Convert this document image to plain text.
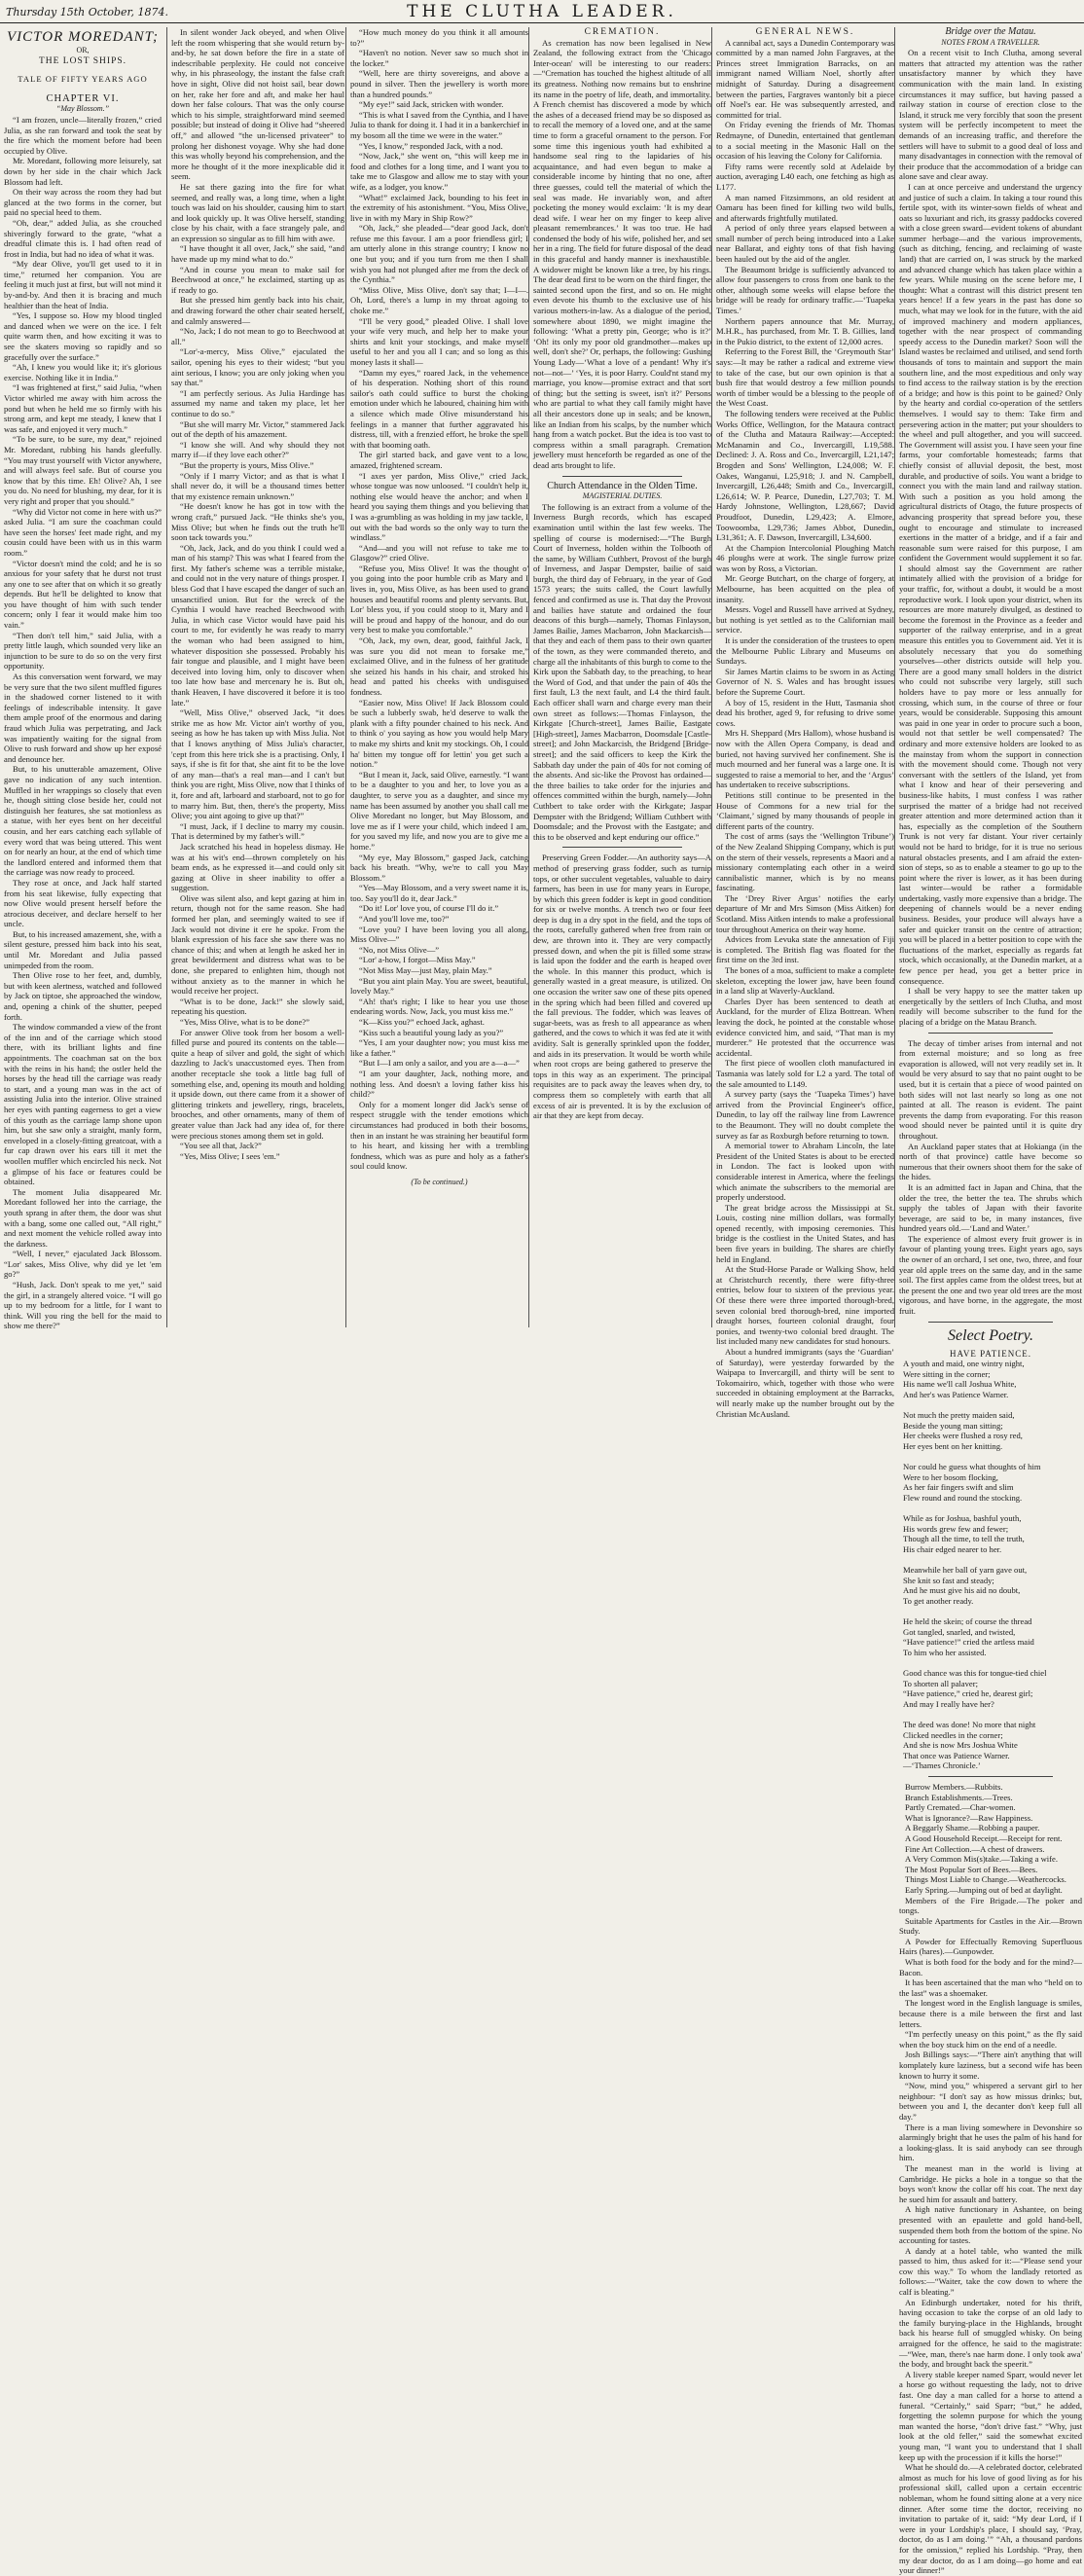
Thursday 15th October, 1874.	THE CLUTHA LEADER.
VICTOR MOREDANT;
OR,
THE LOST SHIPS.
TALE OF FIFTY YEARS AGO
CHAPTER VI.
“May Blossom.”

“I am frozen, uncle—literally frozen,” cried Julia, as she ran forward and took the seat by the fire which the moment before had been occupied by Olive.

Mr. Moredant, following more leisurely, sat down by her side in the chair which Jack Blossom had left.

On their way across the room they had but glanced at the two forms in the corner, but paid no special heed to them.

“Oh, dear,” added Julia, as she crouched shiveringly forward to the grate, “what a dreadful climate this is. I had often read of frost in India, but had no idea of what it was.

“My dear Olive, you'll get used to it in time,” returned her companion. You are feeling it much just at first, but will not mind it by-and-by. And then it is bracing and much healthier than the heat of India.

“Yes, I suppose so. How my blood tingled and danced when we were on the ice. I felt quite warm then, and how exciting it was to see the skaters moving so rapidly and so gracefully over the surface.”

“Ah, I knew you would like it; it's glorious exercise. Nothing like it in India.”

“I was frightened at first,” said Julia, “when Victor whirled me away with him across the pond but when he held me so firmly with his strong arm, and kept me steady, I knew that I was safe, and enjoyed it very much.”

“To be sure, to be sure, my dear,” rejoined Mr. Moredant, rubbing his hands gleefully. “You may trust yourself with Victor anywhere, and will always feel safe. But of course you know that by this time. Eh! Olive? Ah, I see you do. No need for blushing, my dear, for it is very right and proper that you should.”

“Why did Victor not come in here with us?” asked Julia. “I am sure the coachman could have seen the horses' feet made right, and my cousin could have been with us in this warm room.”

“Victor doesn't mind the cold; and he is so anxious for your safety that he durst not trust any one to see after that on which it so greatly depends. But he'll be delighted to know that you have thought of him with such tender concern; only I fear it would make him too vain.”

“Then don't tell him,” said Julia, with a pretty little laugh, which sounded very like an injunction to be sure to do so on the very first opportunity.

As this conversation went forward, we may be very sure that the two silent muffled figures in the shadowed corner listened to it with feelings of indescribable intensity. It gave them ample proof of the enormous and daring fraud which Julia was perpetrating, and Jack was impatiently waiting for the signal from Olive to rush forward and show up her exposé and denounce her.

But, to his unutterable amazement, Olive gave no indication of any such intention. Muffled in her wrappings so closely that even he, though sitting close beside her, could not distinguish her features, she sat motionless as a statue, with her eyes bent on her deceitful cousin, and her ears catching each syllable of every word that was being uttered. This went on for nearly an hour, at the end of which time the landlord entered and informed them that the carriage was now ready to proceed.

They rose at once, and Jack half started from his seat likewise, fully expecting that now Olive would present herself before the atrocious deceiver, and declare herself to her uncle.

But, to his increased amazement, she, with a silent gesture, pressed him back into his seat, until Mr. Moredant and Julia passed unimpeded from the room.

Then Olive rose to her feet, and, dumbly, but with keen alertness, watched and followed by Jack on tiptoe, she approached the window, and, opening a chink of the shutter, peeped forth.

The window commanded a view of the front of the inn and of the carriage which stood there, with its brilliant lights and fine appointments. The coachman sat on the box with the reins in his hand; the ostler held the horses by the head till the carriage was ready to start, and a young man was in the act of assisting Julia into the interior. Olive strained her eyes with panting eagerness to get a view of this youth as the carriage lamp shone upon him, but she saw only a straight, manly form, enveloped in a closely-fitting greatcoat, with a fur cap drawn over his ears till it met the woollen muffler which encircled his neck. Not a glimpse of his face or features could be obtained.

The moment Julia disappeared Mr. Moredant followed her into the carriage, the youth sprang in after them, the door was shut with a bang, some one called out, “All right,” and next moment the vehicle rolled away into the darkness.

“Well, I never,” ejaculated Jack Blossom. “Lor' sakes, Miss Olive, why did ye let 'em go?”

“Hush, Jack. Don't speak to me yet,” said the girl, in a strangely altered voice. “I will go up to my bedroom for a little, for I want to think. Will you ring the bell for the maid to show me there?”

In silent wonder Jack obeyed, and when Olive left the room whispering that she would return by-and-by, he sat down before the fire in a state of indescribable perplexity. He could not conceive why, in his phraseology, the instant the false craft hove in sight, Olive did not hoist sail, bear down on her, rake her fore and aft, and make her haul down her false colours. That was the only course which to his simple, straightforward mind seemed possible; but instead of doing it Olive had “sheered off,” and allowed “the un-licensed privateer” to prolong her dishonest voyage. Why she had done this was wholly beyond his comprehension, and the more he thought of it the more inexplicable did it seem.

He sat there gazing into the fire for what seemed, and really was, a long time, when a light touch was laid on his shoulder, causing him to start and look quickly up. It was Olive herself, standing close by his chair, with a face strangely pale, and an expression so singular as to fill him with awe.

“I have thought it all over, Jack,” she said, “and have made up my mind what to do.”

“And in course you mean to make sail for Beechwood at once,” he exclaimed, starting up as if ready to go.

But she pressed him gently back into his chair, and drawing forward the other chair seated herself, and calmly answered—

“No, Jack; I do not mean to go to Beechwood at all.”

“Lor'-a-mercy, Miss Olive,” ejaculated the sailor, opening his eyes to their widest; “but you aint serious, I know; you are only joking when you say that.”

“I am perfectly serious. As Julia Hardinge has assumed my name and taken my place, let her continue to do so.”

“But she will marry Mr. Victor,” stammered Jack out of the depth of his amazement.

“I know she will. And why should they not marry if—if they love each other?”

“But the property is yours, Miss Olive.”

“Only if I marry Victor; and as that is what I shall never do, it will be a thousand times better that my existence remain unknown.”

“He doesn't know he has got in tow with the wrong craft,” pursued Jack. “He thinks she's you, Miss Olive; but when he finds out the truth he'll soon tack towards you.”

“Oh, Jack, Jack, and do you think I could wed a man of his stamp? This was what I feared from the first. My father's scheme was a terrible mistake, and could not in the very nature of things prosper. I bless God that I have escaped the danger of such an unsanctified union. But for the wreck of the Cynthia I would have reached Beechwood with Julia, in which case Victor would have paid his court to me, for evidently he was ready to marry the woman who had been assigned to him, whatever disposition she possessed. Probably his fair tongue and plausible, and I might have been deceived into loving him, only to discover when too late how base and mercenary he is. But oh, thank Heaven, I have discovered it before it is too late.”

“Well, Miss Olive,” observed Jack, “it does strike me as how Mr. Victor ain't worthy of you, seeing as how he has taken up with Miss Julia. Not that I knows anything of Miss Julia's character, 'cept from this here trick she is a practising. Only, I says, if she is fit for that, she aint fit to be the love of any man—that's a real man—and I can't but think you are right, Miss Olive, now that I thinks of it, fore and aft, larboard and starboard, not to go for to marry him. But, then, there's the property, Miss Olive; you aint agoing to give up that?”

“I must, Jack, if I decline to marry my cousin. That is determined by my father's will.”

Jack scratched his head in hopeless dismay. He was at his wit's end—thrown completely on his beam ends, as he expressed it—and could only sit gazing at Olive in sheer inability to offer a suggestion.

Olive was silent also, and kept gazing at him in return, though not for the same reason. She had formed her plan, and seemingly waited to see if Jack would not divine it ere he spoke. From the blank expression of his face she saw there was no chance of this; and when at length he asked her in great bewilderment and distress what was to be done, she prepared to enlighten him, though not without anxiety as to the manner in which he would receive her project.

“What is to be done, Jack!” she slowly said, repeating his question.

“Yes, Miss Olive, what is to be done?”

For answer Olive took from her bosom a well-filled purse and poured its contents on the table—quite a heap of silver and gold, the sight of which dazzling to Jack's unaccustomed eyes. Then from another receptacle she took a little bag full of something else, and, opening its mouth and holding it upside down, out there came from it a shower of glittering trinkets and jewellery, rings, bracelets, brooches, and other ornaments, many of them of greater value than Jack had any idea of, for there were precious stones among them set in gold.

“You see all that, Jack?”

“Yes, Miss Olive; I sees 'em.”

“How much money do you think it all amounts to?”

“Haven't no notion. Never saw so much shot in the locker.”

“Well, here are thirty sovereigns, and above a pound in silver. Then the jewellery is worth more than a hundred pounds.”

“My eye!” said Jack, stricken with wonder.

“This is what I saved from the Cynthia, and I have Julia to thank for doing it. I had it in a bankerchief in my bosom all the time we were in the water.”

“Yes, I know,” responded Jack, with a nod.

“Now, Jack,” she went on, “this will keep me in food and clothes for a long time, and I want you to take me to Glasgow and allow me to stay with your wife, as a lodger, you know.”

“What!” exclaimed Jack, bounding to his feet in the extremity of his astonishment. “You, Miss Olive, live in with my Mary in Ship Row?”

“Oh, Jack,” she pleaded—“dear good Jack, don't refuse me this favour. I am a poor friendless girl; I am utterly alone in this strange country; I know no one but you; and if you turn from me then I shall wish you had not plunged after me from the deck of the Cynthia.”

“Miss Olive, Miss Olive, don't say that; I—I—. Oh, Lord, there's a lump in my throat agoing to choke me.”

“I'll be very good,” pleaded Olive. I shall love your wife very much, and help her to make your shirts and knit your stockings, and make myself useful to her and you all I can; and so long as this money lasts it shall—

“Damn my eyes,” roared Jack, in the vehemence of his desperation. Nothing short of this round sailor's oath could suffice to burst the choking emotion under which he laboured, chaining him with a silence which made Olive misunderstand his feelings in a manner that further aggravated his distress, till, with a frenzied effort, he broke the spell with that booming oath.

The girl started back, and gave vent to a low, amazed, frightened scream.

“I axes yer pardon, Miss Olive,” cried Jack, whose tongue was now unloosed. “I couldn't help it, nothing else would heave the anchor; and when I heard you saying them things and you believing that I was a-grumbling as was holding in my jaw tackle, I out with the bad words so the only way to turn the windlass.”

“And—and you will not refuse to take me to Glasgow?” cried Olive.

“Refuse you, Miss Olive! It was the thought o' you going into the poor humble crib as Mary and I lives in, you, Miss Olive, as has been used to grand houses and beautiful rooms and plenty servants. But, Lor' bless you, if you could stoop to it, Mary and I will be proud and happy of the honour, and do our very best to make you comfortable.”

“Oh, Jack, my own, dear, good, faithful Jack, I was sure you did not mean to forsake me,” exclaimed Olive, and in the fulness of her gratitude she seized his hands in his chair, and stroked his head and patted his cheeks with undisguised fondness.

“Easier now, Miss Olive! If Jack Blossom could be such a lubberly swab, he'd deserve to walk the plank with a fifty pounder chained to his neck. And to think o' you saying as how you would help Mary to make my shirts and knit my stockings. Oh, I could ha' bitten my tongue off for lettin' you get such a notion.”

“But I mean it, Jack, said Olive, earnestly. “I want to be a daughter to you and her, to love you as a daughter, to serve you as a daughter, and since my name has been assumed by another you shall call me Olive Moredant no longer, but May Blossom, and love me as if I were your child, which indeed I am, for you saved my life, and now you are to give me a home.”

“My eye, May Blossom,” gasped Jack, catching back his breath. “Why, we're to call you May Blossom.”

“Yes—May Blossom, and a very sweet name it is, too. Say you'll do it, dear Jack.”

“Do it! Lor' love you, of course I'll do it.”

“And you'll love me, too?”

“Love you? I have been loving you all along, Miss Olive—”

“No, not Miss Olive—”

“Lor' a-how, I forgot—Miss May.”

“Not Miss May—just May, plain May.”

“But you aint plain May. You are sweet, beautiful, lovely May.”

“Ah! that's right; I like to hear you use those endearing words. Now, Jack, you must kiss me.”

“K—Kiss you?” echoed Jack, aghast.

“Kiss such a beautiful young lady as you?”

“Yes, I am your daughter now; you must kiss me like a father.”

“But I—I am only a sailor, and you are a—a—”

“I am your daughter, Jack, nothing more, and nothing less. And doesn't a loving father kiss his child?”

Only for a moment longer did Jack's sense of respect struggle with the tender emotions which circumstances had produced in both their bosoms, then in an instant he was straining her beautiful form to his heart, and kissing her with a trembling fondness, which was as pure and holy as a father's soul could know.

(To be continued.)
CREMATION.

As cremation has now been legalised in New Zealand, the following extract from the 'Chicago Inter-ocean' will be interesting to our readers:—“Cremation has touched the highest altitude of all its greatness. Nothing now remains but to enshrine its name in the poetry of life, death, and immortality. A French chemist has discovered a mode by which the ashes of a deceased friend may be so disposed as to recall the memory of a loved one, and at the same time to form a graceful ornament to the person. For some time this ingenious youth had exhibited a handsome seal ring to the lapidaries of his acquaintance, and had even begun to make a considerable income by hinting that no one, after three guesses, could tell the material of which the seal was made. He invariably won, and after pocketing the money would exclaim: ‘It is my dear dead wife. I wear her on my finger to keep alive pleasant remembrances.’ It was too true. He had condensed the body of his wife, polished her, and set her in a ring. The field for future disposal of the dead in this graceful and handy manner is inexhaustible. A widower might be known like a tree, by his rings. The dear dead first to be worn on the third finger, the sainted second upon the first, and so on. He might even devote his thumb to the exclusive use of his various mothers-in-law. As a dialogue of the period, somewhere about 1890, we might imagine the following: ‘What a pretty pin, George; who is it?’ ‘Oh! its only my poor old grandmother—makes up well, don't she?’ Or, perhaps, the following: Gushing Young Lady—‘What a love of a pendant! Why it's not—not—’ ‘Yes, it is poor Harry. Could'nt stand my marriage, you know—promise extract and that sort of thing; but the setting is sweet, isn't it?’ Persons who are partial to what they call family might have all their ancestors done up in seals; and be known, like an Indian from his scalps, by the number which hang from a watch pocket. But the idea is too vast to compress within a small paragraph. Cremation jewellery must henceforth be regarded as one of the dead arts brought to life.

Church Attendance in the Olden Time.
MAGISTERIAL DUTIES.

The following is an extract from a volume of the Inverness Burgh records, which has escaped examination until within the last few weeks. The spelling of course is modernised:—“The Burgh Court of Inverness, holden within the Tolbooth of the same, by William Cuthbert, Provost of the burgh of Inverness, and Jaspar Dempster, bailie of said burgh, the third day of February, in the year of God 1573 years; the suits called, the Court lawfully fenced and confirmed as use is. That day the Provost and bailies have statute and ordained the four deacons of this burgh—namely, Thomas Finlayson, James Bailie, James Macbarron, John Mackarcish—that they and each of them pass to their own quarter of the town, as they were commanded thereto, and charge all the inhabitants of this burgh to come to the Kirk upon the Sabbath day, to the preaching, to hear the Word of God, and that under the pain of 40s the first fault, L3 the next fault, and L4 the third fault. Each officer shall warn and charge every man their own street as follows:—Thomas Finlayson, the Kirkgate [Church-street], James Bailie, Eastgate [High-street], James Macbarron, Doomsdale [Castle-street]; and John Mackarcish, the Bridgend [Bridge-street]; and the said officers to keep the Kirk the Sabbath day under the pain of 40s for not coming of the absents. And sic-like the Provost has ordained—the three bailies to take order for the injuries and offences committed within the burgh, namely—John Cuthbert to take order with the Kirkgate; Jaspar Dempster with the Bridgend; William Cuthbert with Doomsdale; and the Provost with the Eastgate; and this to be observed and kept enduring our office.”

Preserving Green Fodder.—An authority says—A method of preserving grass fodder, such as turnip tops, or other succulent vegetables, valuable to dairy farmers, has been in use for many years in Europe, by which this green fodder is kept in good condition for six or twelve months. A trench two or four feet deep is dug in a dry spot in the field, and the tops of the roots, carefully gathered when free from rain or dew, are thrown into it. They are very compactly pressed down, and when the pit is filled some straw is laid upon the fodder and the earth is heaped over the whole. In this manner this product, which is generally wasted in a great measure, is utilized. On one occasion the writer saw one of these pits opened in the spring which had been filled and covered up the fall previous. The fodder, which was leaves of sugar-beets, was as fresh to all appearance as when gathered, and the cows to which it was fed ate it with avidity. Salt is generally sprinkled upon the fodder, and aids in its preservation. It would be worth while when root crops are being gathered to preserve the tops in this way as an experiment. The principal requisites are to pack away the leaves when dry, to compress them so completely with earth that all excess of air is prevented. It is by the exclusion of air that they are kept from decay.

GENERAL NEWS.

A cannibal act, says a Dunedin Contemporary was committed by a man named John Fargraves, at the Princes street Immigration Barracks, on an immigrant named William Noel, shortly after midnight of Saturday. During a disagreement between the parties, Fargraves wantonly bit a piece off Noel's ear. He was subsequently arrested, and committed for trial.

On Friday evening the friends of Mr. Thomas Redmayne, of Dunedin, entertained that gentleman to a social meeting in the Masonic Hall on the occasion of his leaving the Colony for California.

Fifty rams were recently sold at Adelaide by auction, averaging L40 each, one fetching as high as L177.

A man named Fitzsimmons, an old resident at Oamaru has been fined for killing two wild bulls, and afterwards frightfully mutilated.

A period of only three years elapsed between a small number of perch being introduced into a Lake near Ballarat, and eighty tons of that fish having been hauled out by the aid of the angler.

The Beaumont bridge is sufficiently advanced to allow four passengers to cross from one bank to the other, although some weeks will elapse before the bridge will be ready for ordinary traffic.—‘Tuapeka Times.’

Northern papers announce that Mr. Murray, M.H.R., has purchased, from Mr. T. B. Gillies, land in the Pukio district, to the extent of 12,000 acres.

Referring to the Forest Bill, the ‘Greymouth Star’ says:—It may be rather a radical and extreme view to take of the case, but our own opinion is that a bush fire that would destroy a few million pounds worth of timber would be a blessing to the people of the West Coast.

The following tenders were received at the Public Works Office, Wellington, for the Mataura contract of the Clutha and Mataura Railway:—Accepted: McManamin and Co., Invercargill, L19,588. Declined: J. A. Ross and Co., Invercargill, L21,147; Brogden and Sons' Wellington, L24,008; W. F. Oakes, Wanganui, L25,918; J. and N. Campbell, Invercargill, L26,448; Smith and Co., Invercargill, L26,614; W. P. Pearce, Dunedin, L27,703; T. M. Hardy Johnstone, Wellington, L28,667; David Proudfoot, Dunedin, L29,423; A. Elmore, Toowoomba, L29,736; James Abbot, Dunedin, L31,361; A. F. Dawson, Invercargill, L34,600.

At the Champion Intercolonial Ploughing Match 46 ploughs were at work. The single furrow prize was won by Ross, a Victorian.

Mr. George Butchart, on the charge of forgery, at Melbourne, has been acquitted on the plea of insanity.

Messrs. Vogel and Russell have arrived at Sydney, but nothing is yet settled as to the Californian mail service.

It is under the consideration of the trustees to open the Melbourne Public Library and Museums on Sundays.

Sir James Martin claims to be sworn in as Acting Governor of N. S. Wales and has brought issues before the Supreme Court.

A boy of 15, resident in the Hutt, Tasmania shot dead his brother, aged 9, for refusing to drive some cows.

Mrs H. Sheppard (Mrs Hallom), whose husband is now with the Allen Opera Company, is dead and buried, not having survived her confinement. She is much mourned and her funeral was a large one. It is suggested to raise a memorial to her, and the ‘Argus’ has undertaken to receive subscriptions.

Petitions still continue to be presented in the House of Commons for a new trial for the ‘Claimant,’ signed by many thousands of people in different parts of the country.

The cost of arms (says the ‘Wellington Tribune’) of the New Zealand Shipping Company, which is put on the stern of their vessels, represents a Maori and a missionary contemplating each other in a weird cannibalistic manner, which is by no means fascinating.

The ‘Drey River Argus’ notifies the early departure of Mr and Mrs Simson (Miss Aitken) for Scotland. Miss Aitken intends to make a professional tour throughout America on their way home.

Advices from Levuka state the annexation of Fiji is completed. The British flag was floated for the first time on the 3rd inst.

The bones of a moa, sufficient to make a complete skeleton, excepting the lower jaw, have been found in a land slip at Waverly-Auckland.

Charles Dyer has been sentenced to death at Auckland, for the murder of Eliza Bottrean. When leaving the dock, he pointed at the constable whose evidence convicted him, and said, “That man is my murderer.” He protested that the occurrence was accidental.

The first piece of woollen cloth manufactured in Tasmania was lately sold for L2 a yard. The total of the sale amounted to L149.

A survey party (says the ‘Tuapeka Times’) have arrived from the Provincial Engineer's office, Dunedin, to lay off the railway line from Lawrence to the Beaumont. They will no doubt complete the survey as far as Roxburgh before returning to town.

A memorial tower to Abraham Lincoln, the late President of the United States is about to be erected in London. The fact is looked upon with considerable interest in America, where the feelings which animate the subscribers to the memorial are properly understood.

The great bridge across the Mississippi at St. Louis, costing nine million dollars, was formally opened recently, with imposing ceremonies. This bridge is the costliest in the United States, and has been five years in building. The shares are chiefly held in England.

At the Stud-Horse Parade or Walking Show, held at Christchurch recently, there were fifty-three entries, below four to sixteen of the previous year. Of these there were three imported thorough-bred, seven colonial bred thorough-bred, nine imported draught horses, fourteen colonial draught, four ponies, and twenty-two colonial bred draught. The list included many new candidates for stud honours.

About a hundred immigrants (says the ‘Guardian’ of Saturday), were yesterday forwarded by the Waipapa to Invercargill, and thirty will be sent to Tokomairiro, which, together with those who were succeeded in obtaining employment at the Barracks, will nearly make up the number brought out by the Christian McAusland.

Bridge over the Matau.
NOTES FROM A TRAVELLER.

On a recent visit to Inch Clutha, among several matters that attracted my attention was the rather unsatisfactory manner by which they have communication with the main land. In existing circumstances it may suffice, but having passed a railway station in course of erection close to the Island, it struck me very forcibly that soon the present system will be perfectly incompetent to meet the demands of an increasing traffic, and therefore the settlers will have to submit to a good deal of loss and many disadvantages in connection with the removal of their produce that the accommodation of a bridge can alone save and clear away.

I can at once perceive and understand the urgency and justice of such a claim. In taking a tour round this fertile spot, with its winter-sown fields of wheat and oats so luxuriant and rich, its grassy paddocks covered with a close green sward—evident tokens of abundant summer herbage—and the various improvements, (such as ditching, fencing, and reclaiming of waste land) that are carried on, I was struck by the marked and advanced change which has taken place within a few years. While musing on the scene before me, I thought: What a contrast will this district present ten years hence! If a few years in the past has done so much, what may we look for in the future, with the aid of improved machinery and modern appliances, together with the near prospect of commanding speedy access to the Dunedin market? Soon will the Island wastes be reclaimed and utilised, and send forth thousands of tons to maintain and support the main southern line, and the most expeditious and only way to find access to the railway station is by the erection of a bridge; and how is this point to be gained? Only by the hearty and cordial co-operation of the settlers themselves. I would say to them: Take firm and persevering action in the matter; put your shoulders to the wheel and pull altogether, and you will succeed. The Government will assist you. I have seen your fine farms, your comfortable homesteads; farms that chiefly consist of alluvial deposit, the best, most durable, and productive of soils. You want a bridge to connect you with the main land and railway station. With such a position as you hold among the agricultural districts of Otago, the future prospects of advancing prosperity that spread before you, these ought to encourage and stimulate to increased exertions in the matter of a bridge, and if a fair and reasonable sum were raised for this purpose, I am confident the Government would supplement it so far. I should almost say the Government are rather intimately allied with the provision of a bridge for your traffic, for, without a doubt, it would be a most reproductive work. I look upon your district, when its resources are more maturely divulged, as destined to become the foremost in the Province as a feeder and supporter of the railway enterprise, and in a great measure this entitles you to Government aid. Yet it is absolutely necessary that you do something yourselves—other districts outside will help you. There are a good many small holders in the district who could not subscribe very largely, still such holders have to pay more or less annually for crossing, which sum, in the course of three or four years, would be considerable. Supposing this amount was paid in one year in order to procure such a boon, would not that settler be well compensated? The ordinary and more extensive holders are looked to as the mainstay from whom the support in connection with the movement should come. Though not very conversant with the settlers of the Island, yet from what I know and hear of their persevering and business-like habits, I must confess I was rather surprised the matter of a bridge had not received greater attention and more determined action than it has, especially as the completion of the Southern Trunk is not very far distant. Your river certainly would not be hard to bridge, for it is true no serious natural obstacles presents, and I am afraid the extension of steps, so as to enable a steamer to go up to the point where the river is lower, as it has been during last winter—would be rather a formidable undertaking, vastly more expensive than a bridge. The deepening of channels would be a never ending business. Besides, your produce will always have a safer and quicker transit on the centre of attraction; you will be placed in a better position to cope with the fluctuations of the market, especially as regards fat stock, which occasionally, at the Dunedin market, at a few pence per head, you get a better price in consequence.

I shall be very happy to see the matter taken up energetically by the settlers of Inch Clutha, and most readily will become subscriber to the fund for the placing of a bridge on the Matau Branch.

The decay of timber arises from internal and not from external moisture; and so long as free evaporation is allowed, will not very readily set in. It would be very absurd to say that no paint ought to be used, but it is certain that a piece of wood painted on both sides will not last nearly so long as one not painted at all. The reason is evident. The paint prevents the damp from evaporating. For this reason wood should never be painted until it is quite dry throughout.

An Auckland paper states that at Hokianga (in the north of that province) cattle have become so numerous that their owners shoot them for the sake of the hides.

It is an admitted fact in Japan and China, that the older the tree, the better the tea. The shrubs which supply the tables of Japan with their favorite beverage, are said to be, in many instances, five hundred years old.—‘Land and Water.’

The experience of almost every fruit grower is in favour of planting young trees. Eight years ago, says the owner of an orchard, I set one, two, three, and four year old apple trees on the same day, and in the same soil. The first apples came from the oldest trees, but at the present the one and two year old trees are the most vigorous, and have borne, in the aggregate, the most fruit.

Select Poetry.
HAVE PATIENCE.

A youth and maid, one wintry night,

Were sitting in the corner;

His name we'll call Joshua White,

And her's was Patience Warner.

Not much the pretty maiden said,

Beside the young man sitting;

Her cheeks were flushed a rosy red,

Her eyes bent on her knitting.

Nor could he guess what thoughts of him

Were to her bosom flocking,

As her fair fingers swift and slim

Flew round and round the stocking.

While as for Joshua, bashful youth,

His words grew few and fewer;

Though all the time, to tell the truth,

His chair edged nearer to her.

Meanwhile her ball of yarn gave out,

She knit so fast and steady;

And he must give his aid no doubt,

To get another ready.

He held the skein; of course the thread

Got tangled, snarled, and twisted,

“Have patience!” cried the artless maid

To him who her assisted.

Good chance was this for tongue-tied chiel

To shorten all palaver;

“Have patience,” cried he, dearest girl;

And may I really have her?

The deed was done! No more that night

Clicked needles in the corner;

And she is now Mrs Joshua White

That once was Patience Warner.

—‘Thames Chronicle.’

Burrow Members.—Rubbits.

Branch Establishments.—Trees.

Partly Cremated.—Char-women.

What is Ignorance?—Raw Happiness.

A Beggarly Shame.—Robbing a pauper.

A Good Household Receipt.—Receipt for rent.

Fine Art Collection.—A chest of drawers.

A Very Common Mis(s)take.—Taking a wife.

The Most Popular Sort of Bees.—Bees.

Things Most Liable to Change.—Weathercocks.

Early Spring.—Jumping out of bed at daylight.

Members of the Fire Brigade.—The poker and tongs.

Suitable Apartments for Castles in the Air.—Brown Study.

A Powder for Effectually Removing Superfluous Hairs (hares).—Gunpowder.

What is both food for the body and for the mind?—Bacon.

It has been ascertained that the man who “held on to the last” was a shoemaker.

The longest word in the English language is smiles, because there is a mile between the first and last letters.

“I'm perfectly uneasy on this point,” as the fly said when the boy stuck him on the end of a needle.

Josh Billings says:—“There ain't anything that will komplately kure laziness, but a second wife has been known to hurry it some.

“Now, mind you,” whispered a servant girl to her neighbour: “I don't say as how missus drinks; but, between you and I, the decanter don't keep full all day.”

There is a man living somewhere in Devonshire so alarmingly bright that he uses the palm of his hand for a looking-glass. It is said anybody can see through him.

The meanest man in the world is living at Cambridge. He picks a hole in a tongue so that the boys won't know the collar off his coat. The next day he sued him for assault and battery.

A high native functionary in Ashantee, on being presented with an epaulette and gold hand-bell, suspended them both from the bottom of the spine. No accounting for tastes.

A dandy at a hotel table, who wanted the milk passed to him, thus asked for it:—“Please send your cow this way.” To whom the landlady retorted as follows:—“Waiter, take the cow down to where the calf is bleating.”

An Edinburgh undertaker, noted for his thrift, having occasion to take the corpse of an old lady to the family burying-place in the Highlands, brought back his hearse full of smuggled whisky. On being arraigned for the offence, he said to the magistrate:—“Wee, man, there's nae harm done. I only took awa' the body, and brought back the speerit.”

A livery stable keeper named Sparr, would never let a horse go without requesting the lady, not to drive fast. One day a man called for a horse to attend a funeral. “Certainly,” said Sparr; “but,” he added, forgetting the solemn purpose for which the young man wanted the horse, “don't drive fast.” “Why, just look at the old feller,” said the somewhat excited young man, “I want you to understand that I shall keep up with the procession if it kills the horse!”

What he should do.—A celebrated doctor, celebrated almost as much for his love of good living as for his professional skill, called upon a certain eccentric nobleman, whom he found sitting alone at a very nice dinner. After some time the doctor, receiving no invitation to partake of it, said: “My dear Lord, if I were in your Lordship's place, I should say, ‘Pray, doctor, do as I am doing.’” “Ah, a thousand pardons for the omission,” replied his Lordship. “Pray, then my dear doctor, do as I am doing—go home and eat your dinner!”
